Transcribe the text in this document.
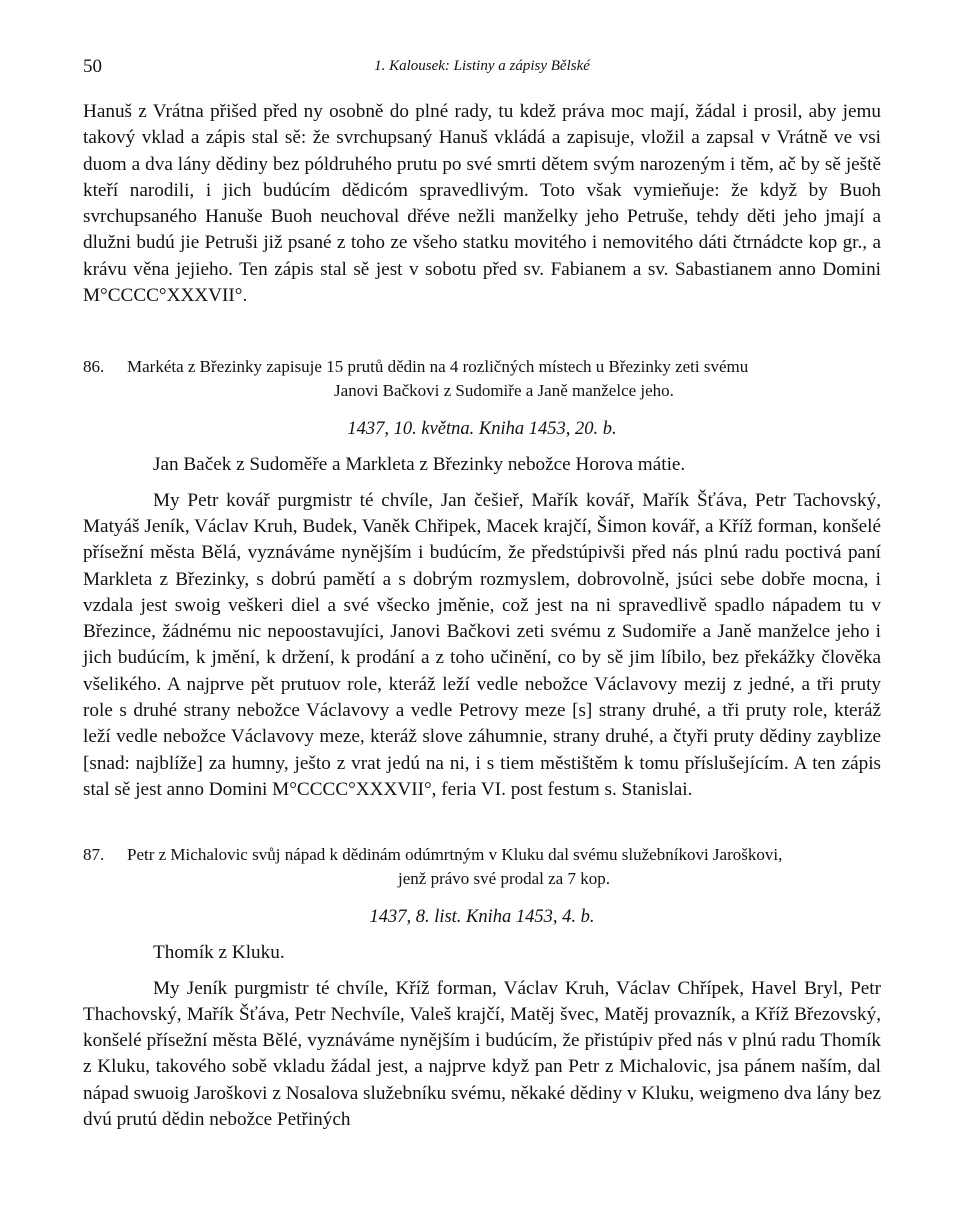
50	1. Kalousek: Listiny a zápisy Bělské

Hanuš z Vrátna přišed před ny osobně do plné rady, tu kdež práva moc mají, žádal i prosil, aby jemu takový vklad a zápis stal sě: že svrchupsaný Hanuš vkládá a zapisuje, vložil a zapsal v Vrátně ve vsi duom a dva lány dědiny bez póldruhého prutu po své smrti dětem svým narozeným i těm, ač by sě ještě kteří narodili, i jich budúcím dědicóm spravedlivým. Toto však vymieňuje: že když by Buoh svrchupsaného Hanuše Buoh neuchoval dřéve nežli manželky jeho Petruše, tehdy děti jeho jmají a dlužni budú jie Petruši již psané z toho ze všeho statku movitého i nemovitého dáti čtrnádcte kop gr., a krávu věna jejieho. Ten zápis stal sě jest v sobotu před sv. Fabianem a sv. Sabastianem anno Domini M°CCCC°XXXVII°.

86. Markéta z Březinky zapisuje 15 prutů dědin na 4 rozličných místech u Březinky zeti svému
Janovi Bačkovi z Sudomiře a Janě manželce jeho.

1437, 10. května. Kniha 1453, 20. b.

Jan Baček z Sudoměře a Markleta z Březinky nebožce Horova mátie.

My Petr kovář purgmistr té chvíle, Jan češieř, Mařík kovář, Mařík Šťáva, Petr Tachovský, Matyáš Jeník, Václav Kruh, Budek, Vaněk Chřipek, Macek krajčí, Šimon kovář, a Kříž forman, konšelé přísežní města Bělá, vyznáváme nynějším i budúcím, že předstúpivši před nás plnú radu poctivá paní Markleta z Březinky, s dobrú pamětí a s dobrým rozmyslem, dobrovolně, jsúci sebe dobře mocna, i vzdala jest swoig veškeri diel a své všecko jměnie, což jest na ni spravedlivě spadlo nápadem tu v Březince, žádnému nic nepoostavujíci, Janovi Bačkovi zeti svému z Sudomiře a Janě manželce jeho i jich budúcím, k jmění, k držení, k prodání a z toho učinění, co by sě jim líbilo, bez překážky člověka všelikého. A najprve pět prutuov role, kteráž leží vedle nebožce Václavovy mezij z jedné, a tři pruty role s druhé strany nebožce Václavovy a vedle Petrovy meze [s] strany druhé, a tři pruty role, kteráž leží vedle nebožce Václavovy meze, kteráž slove záhumnie, strany druhé, a čtyři pruty dědiny zayblize [snad: najblíže] za humny, ješto z vrat jedú na ni, i s tiem městištěm k tomu příslušejícím. A ten zápis stal sě jest anno Domini M°CCCC°XXXVII°, feria VI. post festum s. Stanislai.

87. Petr z Michalovic svůj nápad k dědinám odúmrtným v Kluku dal svému služebníkovi Jaroškovi,
jenž právo své prodal za 7 kop.

1437, 8. list. Kniha 1453, 4. b.

Thomík z Kluku.

My Jeník purgmistr té chvíle, Kříž forman, Václav Kruh, Václav Chřípek, Havel Bryl, Petr Thachovský, Mařík Šťáva, Petr Nechvíle, Valeš krajčí, Matěj švec, Matěj provazník, a Kříž Březovský, konšelé přísežní města Bělé, vyznáváme nynějším i budúcím, že přistúpiv před nás v plnú radu Thomík z Kluku, takového sobě vkladu žádal jest, a najprve když pan Petr z Michalovic, jsa pánem naším, dal nápad swuoig Jaroškovi z Nosalova služebníku svému, někaké dědiny v Kluku, weigmeno dva lány bez dvú prutú dědin nebožce Petřiných
